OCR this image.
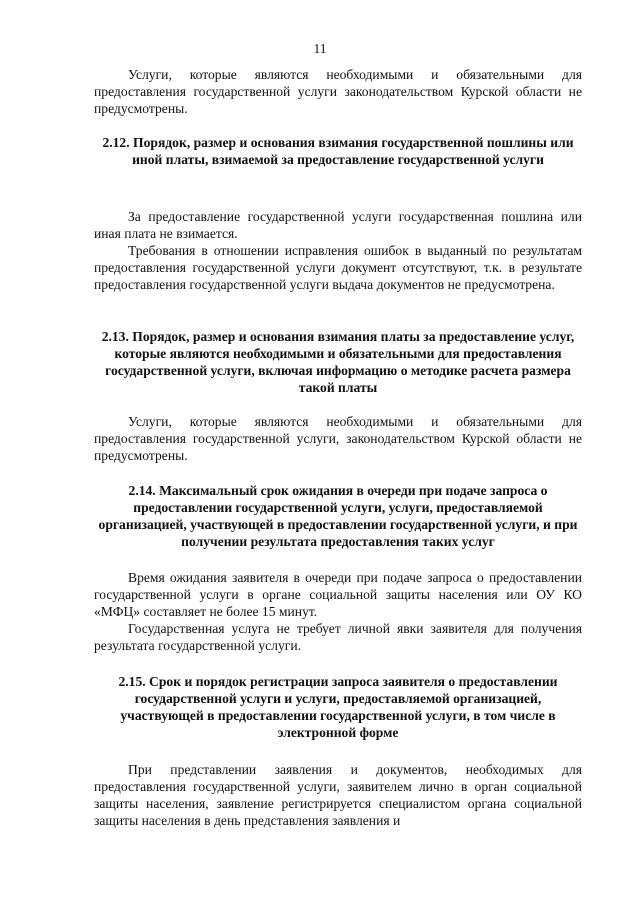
11

Услуги, которые являются необходимыми и обязательными для предоставления государственной услуги законодательством Курской области не предусмотрены.

2.12. Порядок, размер и основания взимания государственной пошлины или иной платы, взимаемой за предоставление государственной услуги

За предоставление государственной услуги государственная пошлина или иная плата не взимается.

Требования в отношении исправления ошибок в выданный по результатам предоставления государственной услуги документ отсутствуют, т.к. в результате предоставления государственной услуги выдача документов не предусмотрена.

2.13. Порядок, размер и основания взимания платы за предоставление услуг, которые являются необходимыми и обязательными для предоставления государственной услуги, включая информацию о методике расчета размера такой платы

Услуги, которые являются необходимыми и обязательными для предоставления государственной услуги, законодательством Курской области не предусмотрены.

2.14. Максимальный срок ожидания в очереди при подаче запроса о предоставлении государственной услуги, услуги, предоставляемой организацией, участвующей в предоставлении государственной услуги, и при получении результата предоставления таких услуг

Время ожидания заявителя в очереди при подаче запроса о предоставлении государственной услуги в органе социальной защиты населения или ОУ КО «МФЦ» составляет не более 15 минут.

Государственная услуга не требует личной явки заявителя для получения результата государственной услуги.

2.15. Срок и порядок регистрации запроса заявителя о предоставлении государственной услуги и услуги, предоставляемой организацией, участвующей в предоставлении государственной услуги, в том числе в электронной форме

При представлении заявления и документов, необходимых для предоставления государственной услуги, заявителем лично в орган социальной защиты населения, заявление регистрируется специалистом органа социальной защиты населения в день представления заявления и
